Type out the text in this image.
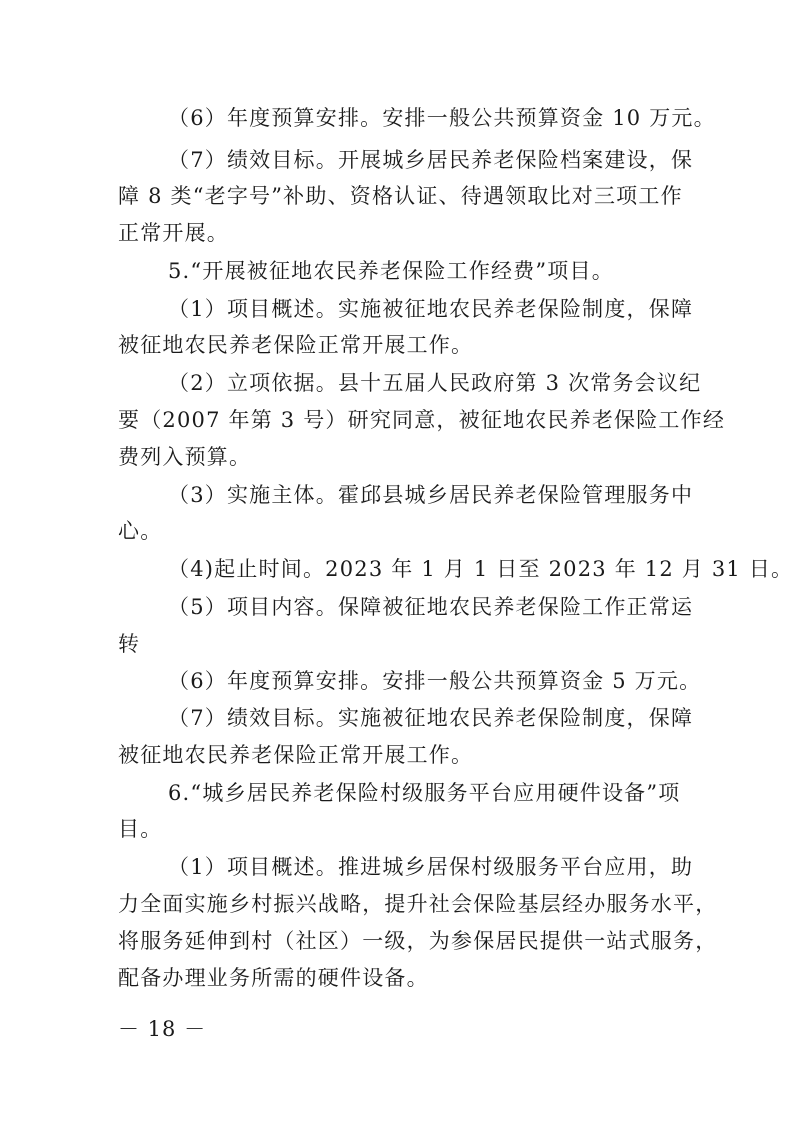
（6）年度预算安排。安排一般公共预算资金 10 万元。
（7）绩效目标。开展城乡居民养老保险档案建设，保
障 8 类“老字号”补助、资格认证、待遇领取比对三项工作
正常开展。
5.“开展被征地农民养老保险工作经费”项目。
（1）项目概述。实施被征地农民养老保险制度，保障
被征地农民养老保险正常开展工作。
（2）立项依据。县十五届人民政府第 3 次常务会议纪
要（2007 年第 3 号）研究同意，被征地农民养老保险工作经
费列入预算。
（3）实施主体。霍邱县城乡居民养老保险管理服务中
心。
（4)起止时间。2023 年 1 月 1 日至 2023 年 12 月 31 日。
（5）项目内容。保障被征地农民养老保险工作正常运
转
（6）年度预算安排。安排一般公共预算资金 5 万元。
（7）绩效目标。实施被征地农民养老保险制度，保障
被征地农民养老保险正常开展工作。
6.“城乡居民养老保险村级服务平台应用硬件设备”项
目。
（1）项目概述。推进城乡居保村级服务平台应用，助
力全面实施乡村振兴战略，提升社会保险基层经办服务水平，
将服务延伸到村（社区）一级，为参保居民提供一站式服务，
配备办理业务所需的硬件设备。
－ 18 －
